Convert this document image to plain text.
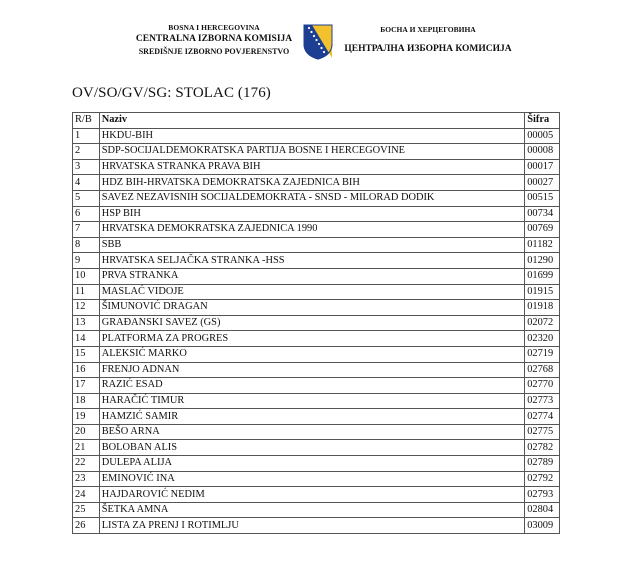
BOSNA I HERCEGOVINA
CENTRALNA IZBORNA KOMISIJA
SREDIŠNJE IZBORNO POVJERENSTVO
БОСНА И ХЕРЦЕГОВИНА
ЦЕНТРАЛНА ИЗБОРНА КОМИСИЈА
OV/SO/GV/SG: STOLAC (176)
R/B	Naziv	Šifra
1	HKDU-BIH	00005
2	SDP-SOCIJALDEMOKRATSKA PARTIJA BOSNE I HERCEGOVINE	00008
3	HRVATSKA STRANKA PRAVA BIH	00017
4	HDZ BIH-HRVATSKA DEMOKRATSKA ZAJEDNICA BIH	00027
5	SAVEZ NEZAVISNIH SOCIJALDEMOKRATA - SNSD - MILORAD DODIK	00515
6	HSP BIH	00734
7	HRVATSKA DEMOKRATSKA ZAJEDNICA 1990	00769
8	SBB	01182
9	HRVATSKA SELJAČKA STRANKA -HSS	01290
10	PRVA STRANKA	01699
11	MASLAĆ VIDOJE	01915
12	ŠIMUNOVIĆ DRAGAN	01918
13	GRAĐANSKI SAVEZ (GS)	02072
14	PLATFORMA ZA PROGRES	02320
15	ALEKSIĆ MARKO	02719
16	FRENJO ADNAN	02768
17	RAZIĆ ESAD	02770
18	HARAČIĆ TIMUR	02773
19	HAMZIĆ SAMIR	02774
20	BEŠO ARNA	02775
21	BOLOBAN ALIS	02782
22	DULEPA ALIJA	02789
23	EMINOVIĆ INA	02792
24	HAJDAROVIĆ NEDIM	02793
25	ŠETKA AMNA	02804
26	LISTA ZA PRENJ I ROTIMLJU	03009
